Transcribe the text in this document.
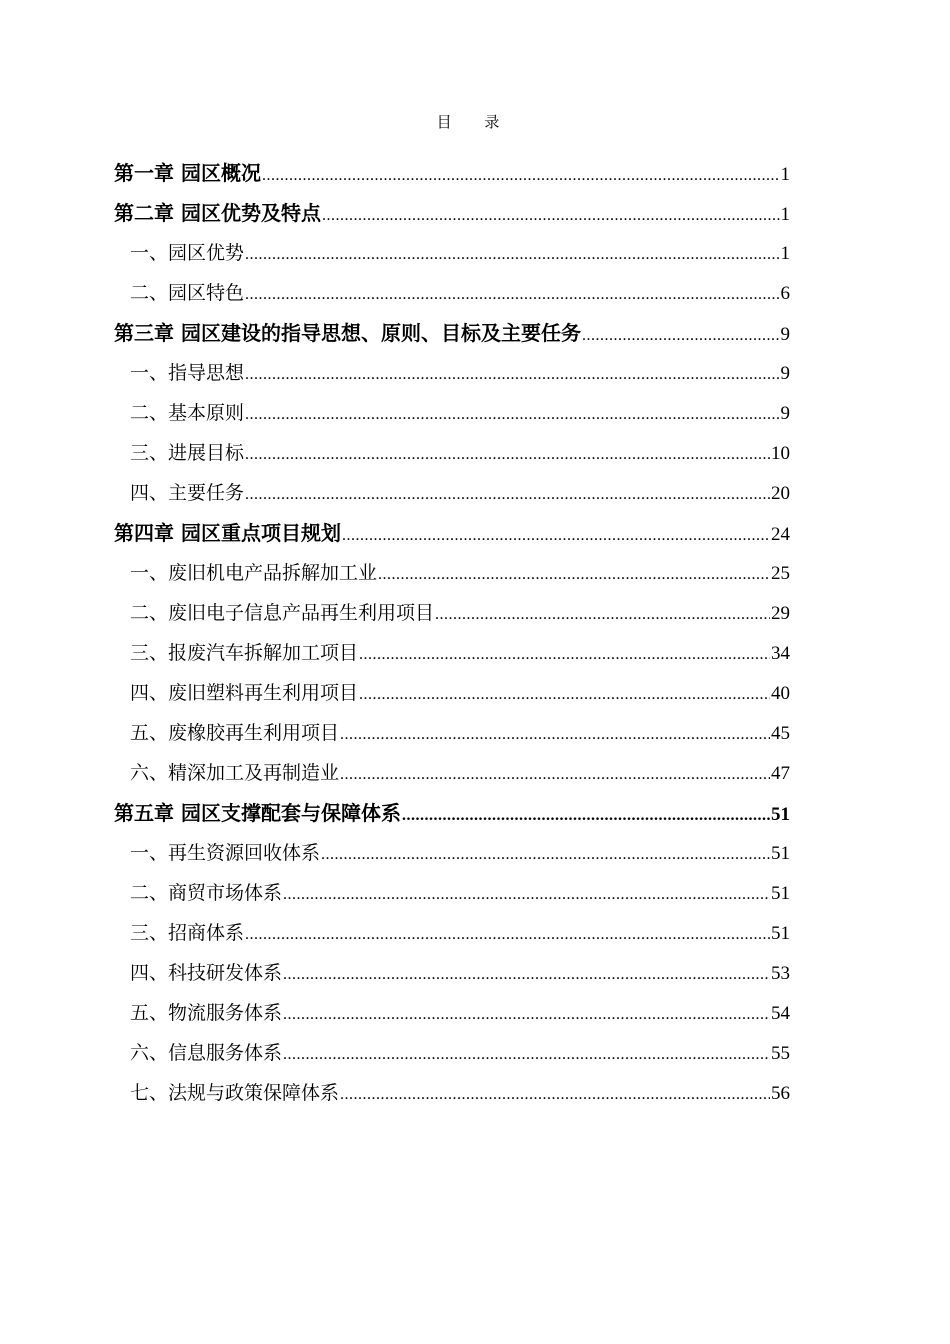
目 录
第一章 园区概况 .....	1
第二章 园区优势及特点 .....	1
一、园区优势 .....	1
二、园区特色 .....	6
第三章 园区建设的指导思想、原则、目标及主要任务 .....	9
一、指导思想 .....	9
二、基本原则 .....	9
三、进展目标 .....	10
四、主要任务 .....	20
第四章 园区重点项目规划 .....	24
一、废旧机电产品拆解加工业 .....	25
二、废旧电子信息产品再生利用项目 .....	29
三、报废汽车拆解加工项目 .....	34
四、废旧塑料再生利用项目 .....	40
五、废橡胶再生利用项目 .....	45
六、精深加工及再制造业 .....	47
第五章 园区支撑配套与保障体系 .....	51
一、再生资源回收体系 .....	51
二、商贸市场体系 .....	51
三、招商体系 .....	51
四、科技研发体系 .....	53
五、物流服务体系 .....	54
六、信息服务体系 .....	55
七、法规与政策保障体系 .....	56
